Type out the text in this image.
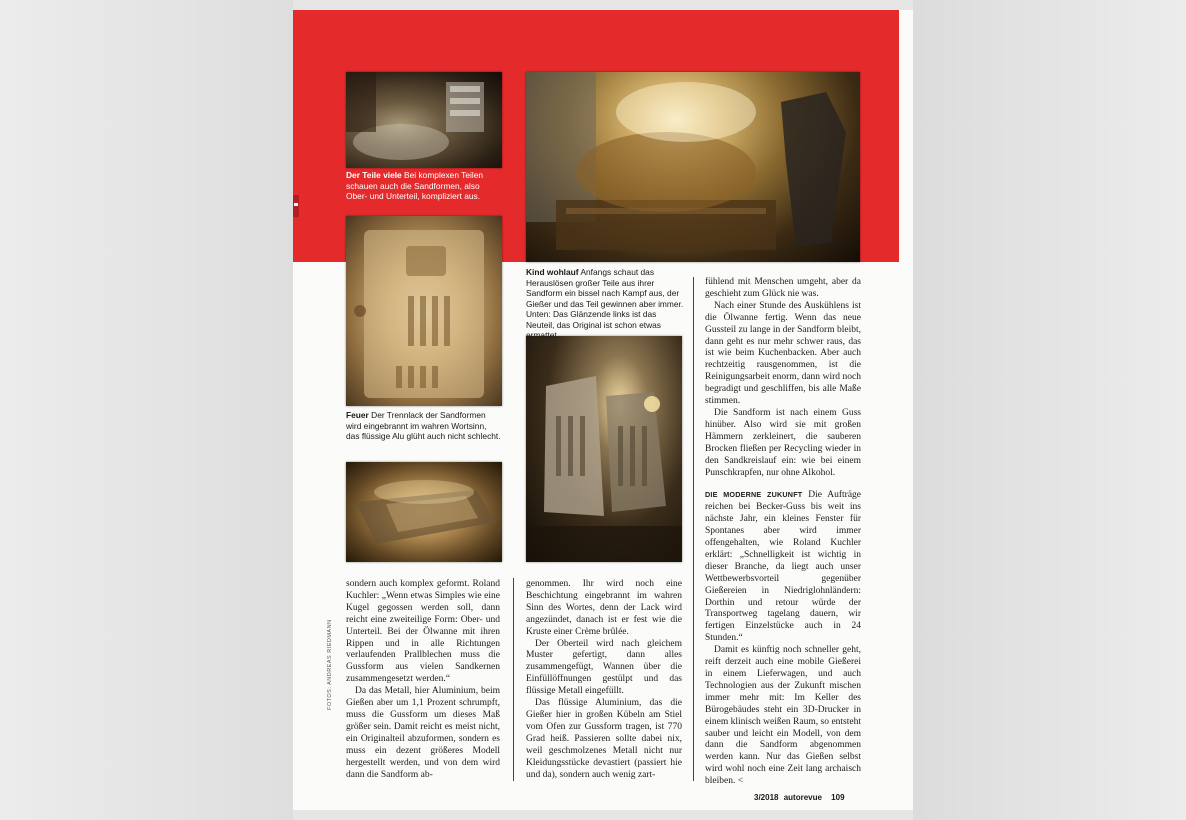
Der Teile viele Bei komplexen Teilen schauen auch die Sandformen, also Ober- und Unterteil, kompliziert aus.
Feuer Der Trennlack der Sandformen wird eingebrannt im wahren Wortsinn, das flüssige Alu glüht auch nicht schlecht.
Kind wohlauf Anfangs schaut das Herauslösen großer Teile aus ihrer Sandform ein bissel nach Kampf aus, der Gießer und das Teil gewinnen aber immer. Unten: Das Glänzende links ist das Neuteil, das Original ist schon etwas ermattet.

sondern auch komplex geformt. Roland Kuchler: „Wenn etwas Simples wie eine Kugel gegossen werden soll, dann reicht eine zweiteilige Form: Ober- und Unterteil. Bei der Ölwanne mit ihren Rippen und in alle Richtungen verlaufenden Prallblechen muss die Gussform aus vielen Sandkernen zusammengesetzt werden.“

Da das Metall, hier Aluminium, beim Gießen aber um 1,1 Prozent schrumpft, muss die Gussform um dieses Maß größer sein. Damit reicht es meist nicht, ein Originalteil abzuformen, sondern es muss ein dezent größeres Modell hergestellt werden, und von dem wird dann die Sandform ab-

genommen. Ihr wird noch eine Beschichtung eingebrannt im wahren Sinn des Wortes, denn der Lack wird angezündet, danach ist er fest wie die Kruste einer Crème brûlée.

Der Oberteil wird nach gleichem Muster gefertigt, dann alles zusammengefügt, Wannen über die Einfüllöffnungen gestülpt und das flüssige Metall eingefüllt.

Das flüssige Aluminium, das die Gießer hier in großen Kübeln am Stiel vom Ofen zur Gussform tragen, ist 770 Grad heiß. Passieren sollte dabei nix, weil geschmolzenes Metall nicht nur Kleidungsstücke devastiert (passiert hie und da), sondern auch wenig zart-

fühlend mit Menschen umgeht, aber da geschieht zum Glück nie was.

Nach einer Stunde des Auskühlens ist die Ölwanne fertig. Wenn das neue Gussteil zu lange in der Sandform bleibt, dann geht es nur mehr schwer raus, das ist wie beim Kuchenbacken. Aber auch rechtzeitig rausgenommen, ist die Reinigungsarbeit enorm, dann wird noch begradigt und geschliffen, bis alle Maße stimmen.

Die Sandform ist nach einem Guss hinüber. Also wird sie mit großen Hämmern zerkleinert, die sauberen Brocken fließen per Recycling wieder in den Sandkreislauf ein: wie bei einem Punschkrapfen, nur ohne Alkohol.

DIE MODERNE ZUKUNFT Die Aufträge reichen bei Becker-Guss bis weit ins nächste Jahr, ein kleines Fenster für Spontanes aber wird immer offengehalten, wie Roland Kuchler erklärt: „Schnelligkeit ist wichtig in dieser Branche, da liegt auch unser Wettbewerbsvorteil gegenüber Gießereien in Niedriglohnländern: Dorthin und retour würde der Transportweg tagelang dauern, wir fertigen Einzelstücke auch in 24 Stunden.“

Damit es künftig noch schneller geht, reift derzeit auch eine mobile Gießerei in einem Lieferwagen, und auch Technologien aus der Zukunft mischen immer mehr mit: Im Keller des Bürogebäudes steht ein 3D-Drucker in einem klinisch weißen Raum, so entsteht sauber und leicht ein Modell, von dem dann die Sandform abgenommen werden kann. Nur das Gießen selbst wird wohl noch eine Zeit lang archaisch bleiben. <

FOTOS: ANDREAS RIEDMANN
3/2018 autorevue 109
